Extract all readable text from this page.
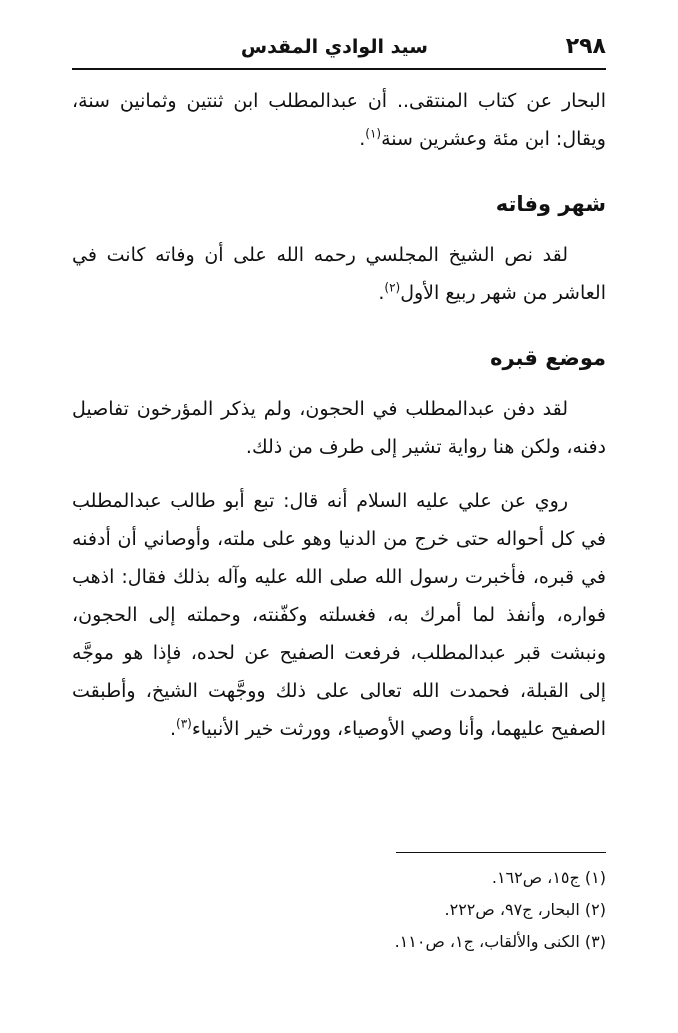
٢٩٨
سيد الوادي المقدس

البحار عن كتاب المنتقى.. أن عبدالمطلب ابن ثنتين وثمانين سنة، ويقال: ابن مئة وعشرين سنة$^{(١)}$.

شهر وفاته

لقد نص الشيخ المجلسي رحمه الله على أن وفاته كانت في العاشر من شهر ربيع الأول$^{(٢)}$.

موضع قبره

لقد دفن عبدالمطلب في الحجون، ولم يذكر المؤرخون تفاصيل دفنه، ولكن هنا رواية تشير إلى طرف من ذلك.

روي عن علي عليه السلام أنه قال: تبع أبو طالب عبدالمطلب في كل أحواله حتى خرج من الدنيا وهو على ملته، وأوصاني أن أدفنه في قبره، فأخبرت رسول الله صلى الله عليه وآله بذلك فقال: اذهب فواره، وأنفذ لما أمرك به، فغسلته وكفّنته، وحملته إلى الحجون، ونبشت قبر عبدالمطلب، فرفعت الصفيح عن لحده، فإذا هو موجَّه إلى القبلة، فحمدت الله تعالى على ذلك ووجَّهت الشيخ، وأطبقت الصفيح عليهما، وأنا وصي الأوصياء، وورثت خير الأنبياء$^{(٣)}$.

(١) ج١٥، ص١٦٢.
(٢) البحار، ج٩٧، ص٢٢٢.
(٣) الكنى والألقاب، ج١، ص١١٠.
